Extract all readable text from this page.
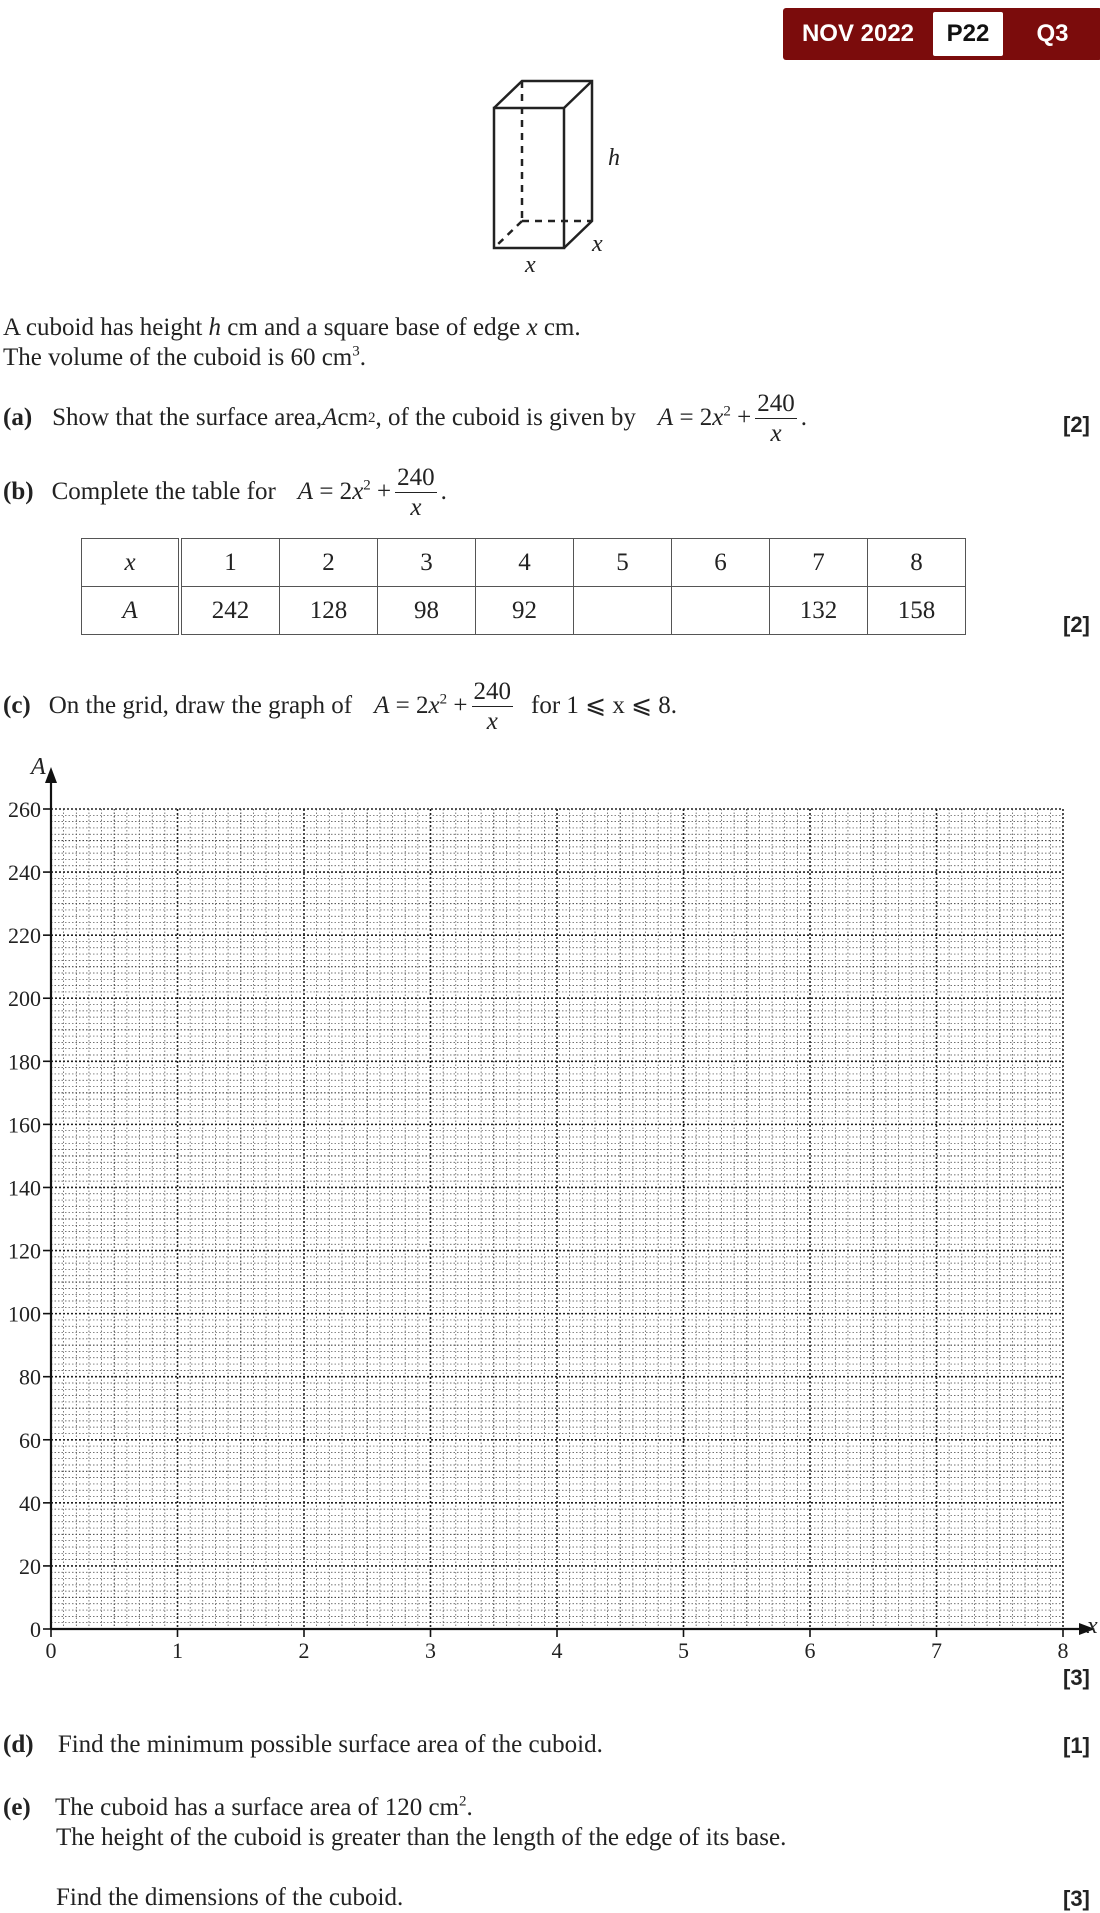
NOV 2022	P22	Q3
h
x
x
A cuboid has height h cm and a square base of edge x cm.
The volume of the cuboid is 60 $cm^3$.
(a) Show that the surface area, A cm 2 , of the cuboid is given by $A = 2x^2 + \frac{240}{x}$ .	[2]
(b) Complete the table for $A = 2x^2 + \frac{240}{x}$ .
x	1	2	3	4	5	6	7	8
A	242	128	98	92			132	158
[2]
(c) On the grid, draw the graph of $A = 2x^2 + \frac{240}{x}$ for 1 ⩽ x ⩽ 8.
A
x
0	1	2	3	4	5	6	7	8
0
20
40
60
80
100
120
140
160
180
200
220
240
260
[3]
(d) Find the minimum possible surface area of the cuboid.	[1]
(e) The cuboid has a surface area of 120 $cm^2$.
The height of the cuboid is greater than the length of the edge of its base.
Find the dimensions of the cuboid.	[3]
